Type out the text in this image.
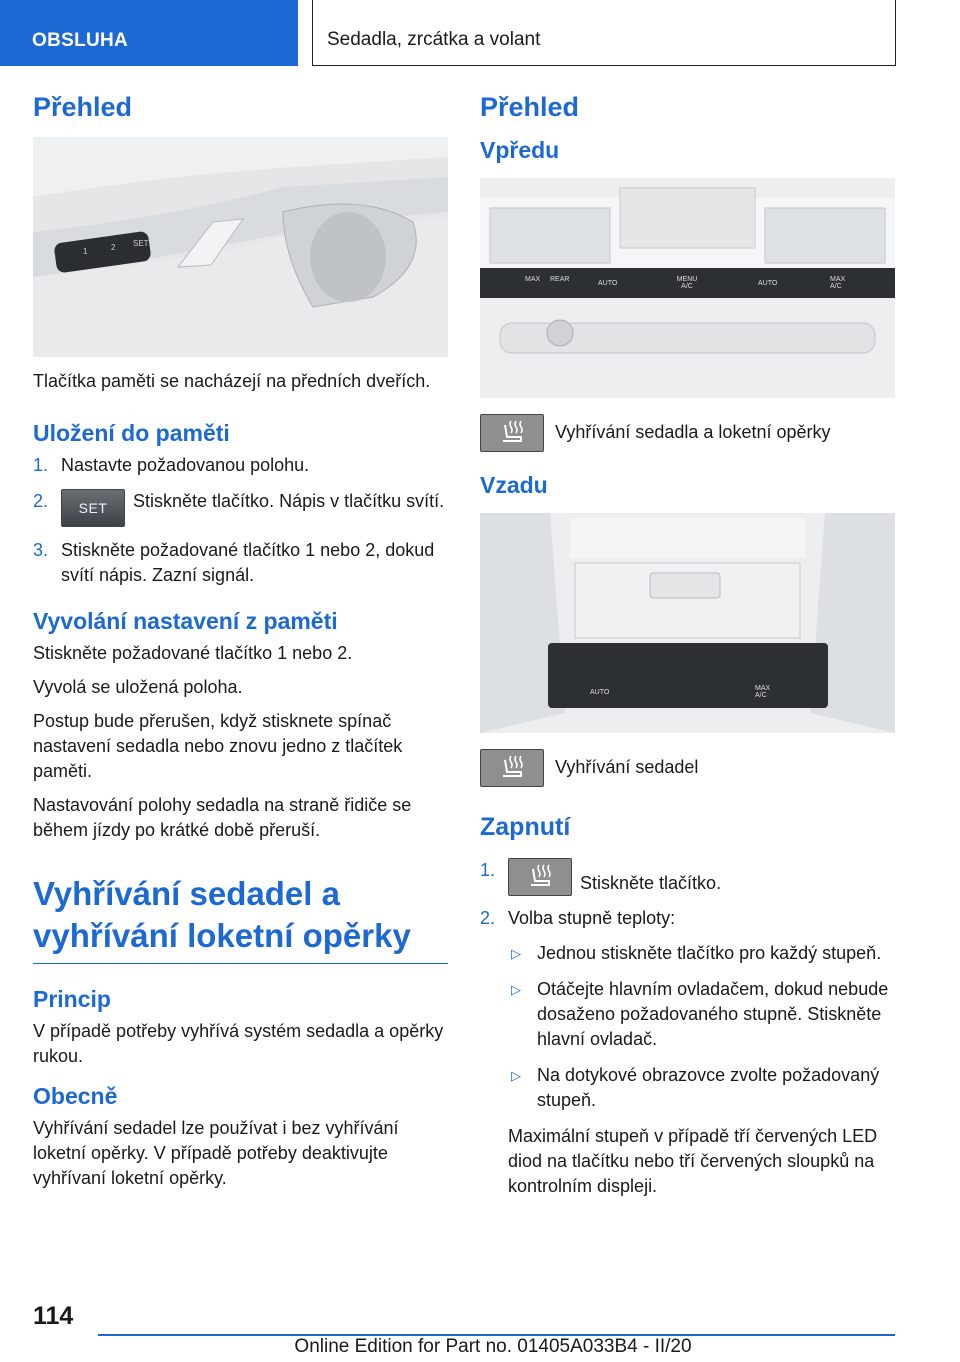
OBSLUHA	Sedadla, zrcátka a volant
Přehled
1	2 SET

Tlačítka paměti se nacházejí na předních dveřích.

Uložení do paměti
1. Nastavte požadovanou polohu.
2. SET Stiskněte tlačítko. Nápis v tlačítku svítí.
3. Stiskněte požadované tlačítko 1 nebo 2, dokud svítí nápis. Zazní signál.
Vyvolání nastavení z paměti

Stiskněte požadované tlačítko 1 nebo 2.

Vyvolá se uložená poloha.

Postup bude přerušen, když stisknete spínač nastavení sedadla nebo znovu jedno z tlačítek paměti.

Nastavování polohy sedadla na straně řidiče se během jízdy po krátké době přeruší.

Vyhřívání sedadel a vyhřívání loketní opěrky
Princip

V případě potřeby vyhřívá systém sedadla a opěrky rukou.

Obecně

Vyhřívání sedadel lze používat i bez vyhřívání loketní opěrky. V případě potřeby deaktivujte vyhřívaní loketní opěrky.

Přehled
Vpředu
MAX REAR
AUTO
MENU A/C	AUTO
MAX A/C
Vyhřívání sedadla a loketní opěrky
Vzadu
AUTO
MAX A/C
Vyhřívání sedadel
Zapnutí
1.
Stiskněte tlačítko.
2. Volba stupně teploty:
▷ Jednou stiskněte tlačítko pro každý stupeň.
▷ Otáčejte hlavním ovladačem, dokud nebude dosaženo požadovaného stupně. Stiskněte hlavní ovladač.
▷ Na dotykové obrazovce zvolte požadovaný stupeň.

Maximální stupeň v případě tří červených LED diod na tlačítku nebo tří červených sloupků na kontrolním displeji.

114
Online Edition for Part no. 01405A033B4 - II/20
